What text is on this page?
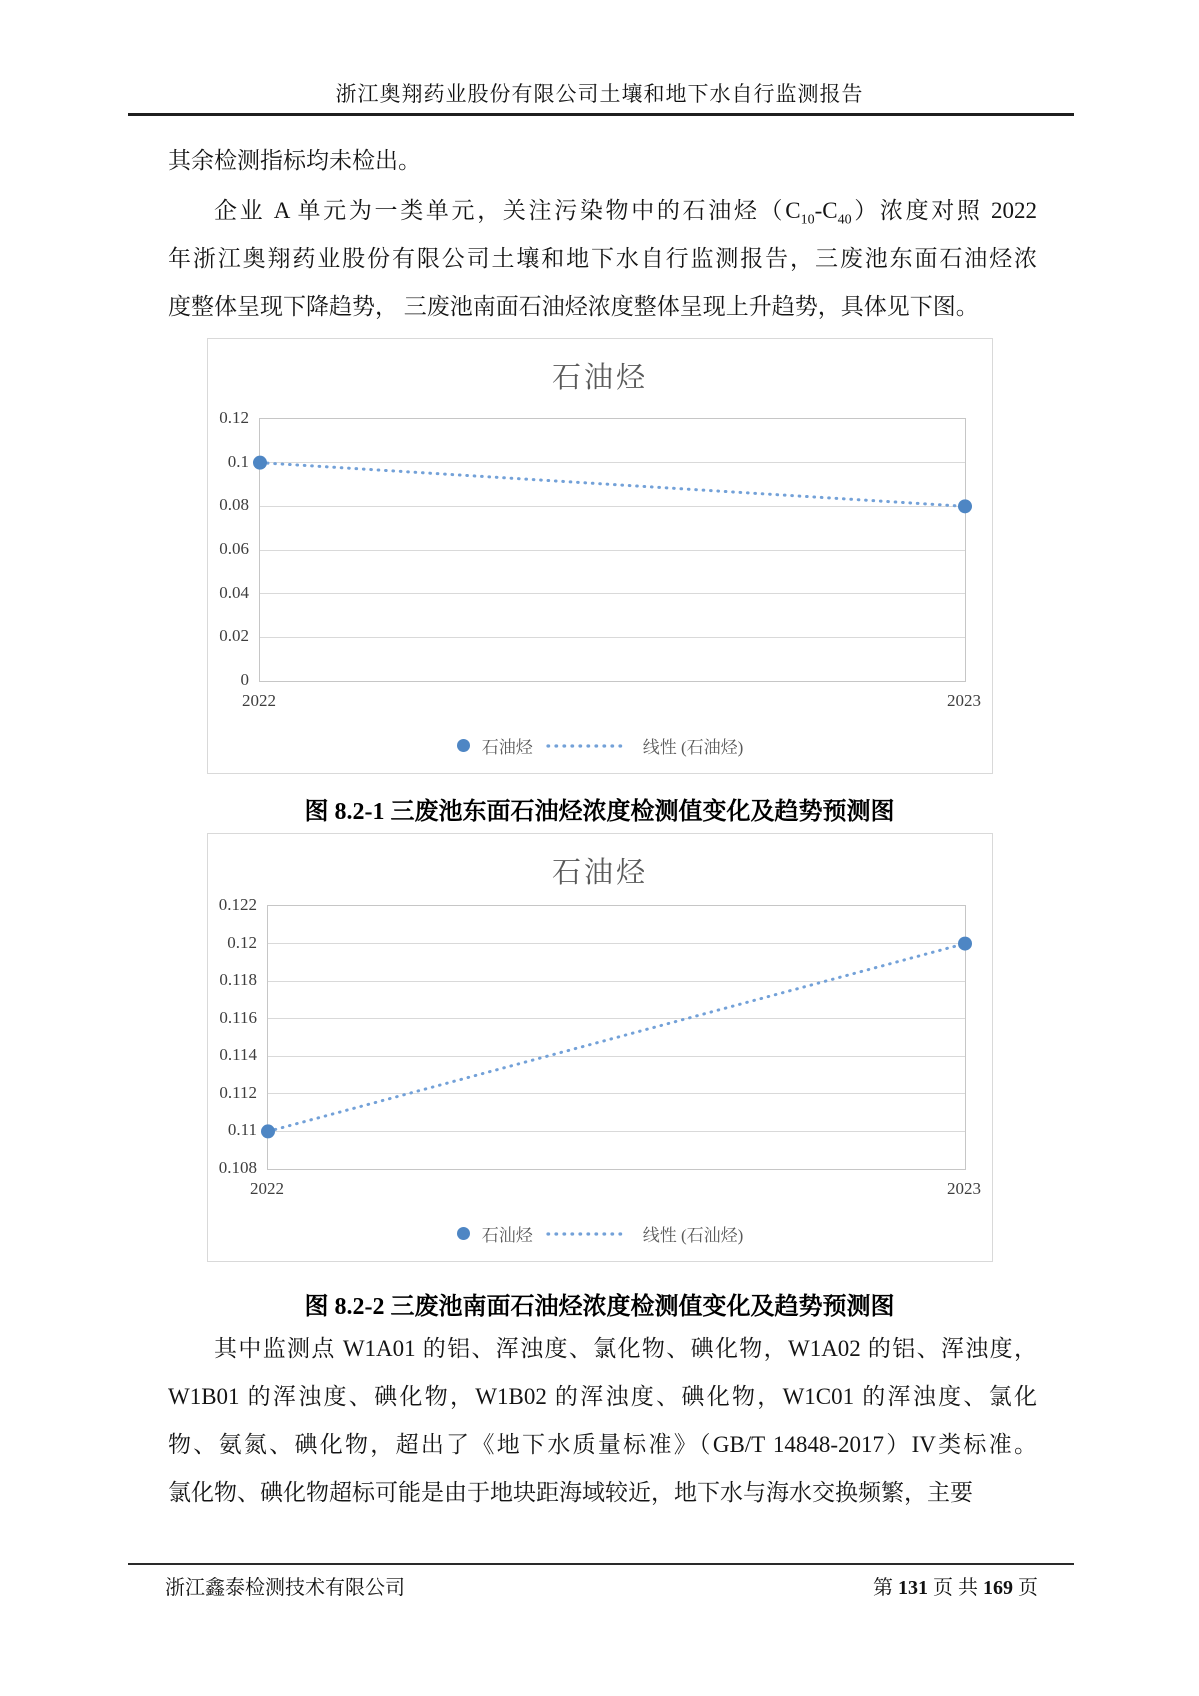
浙江奥翔药业股份有限公司土壤和地下水自行监测报告
其余检测指标均未检出。
企业 A 单元为一类单元，关注污染物中的石油烃$(C_{10}-C_{40})$浓度对照 2022
年浙江奥翔药业股份有限公司土壤和地下水自行监测报告，三废池东面石油烃浓
度整体呈现下降趋势， 三废池南面石油烃浓度整体呈现上升趋势，具体见下图。
石油烃
2022	2023
石油烃	线性 (石油烃)
0.12
0.1
0.08
0.06
0.04
0.02
0
图 8.2-1 三废池东面石油烃浓度检测值变化及趋势预测图
石油烃
2022	2023
石汕烃	线性 (石汕烃)
0.122
0.12
0.118
0.116
0.114
0.112
0.11
0.108
图 8.2-2 三废池南面石油烃浓度检测值变化及趋势预测图
其中监测点 W1A01 的铝、浑浊度、氯化物、碘化物，W1A02 的铝、浑浊度，
W1B01 的浑浊度、碘化物，W1B02 的浑浊度、碘化物，W1C01 的浑浊度、氯化
物、氨氮、碘化物，超出了《地下水质量标准》（GB/T 14848-2017）IV类标准。
氯化物、碘化物超标可能是由于地块距海域较近，地下水与海水交换频繁，主要
浙江鑫泰检测技术有限公司	第 131 页 共 169 页
